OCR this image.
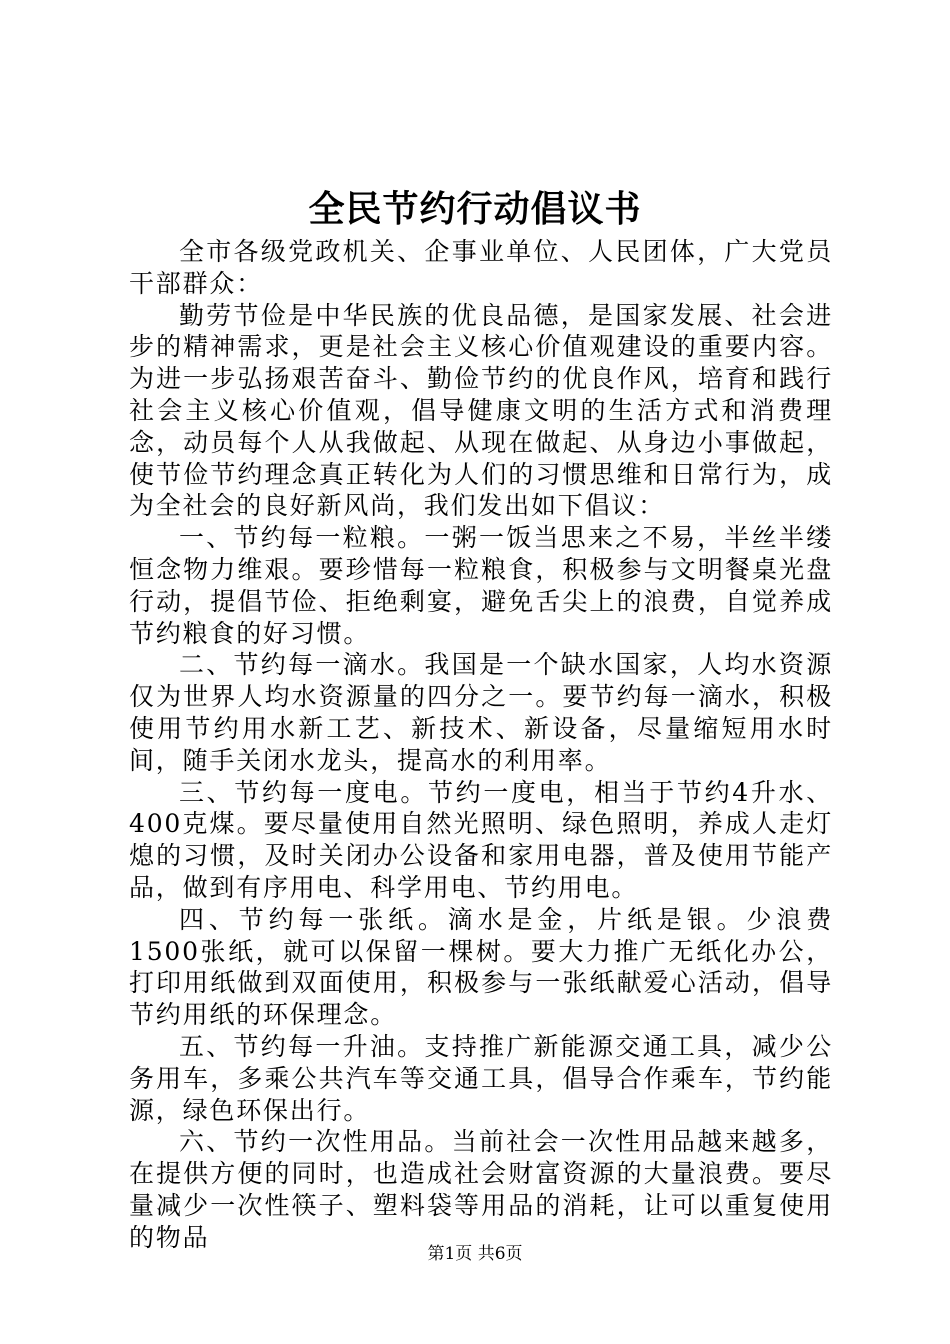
全民节约行动倡议书

全市各级党政机关、企事业单位、人民团体，广大党员干部群众：

勤劳节俭是中华民族的优良品德，是国家发展、社会进步的精神需求，更是社会主义核心价值观建设的重要内容。为进一步弘扬艰苦奋斗、勤俭节约的优良作风，培育和践行社会主义核心价值观，倡导健康文明的生活方式和消费理念，动员每个人从我做起、从现在做起、从身边小事做起，使节俭节约理念真正转化为人们的习惯思维和日常行为，成为全社会的良好新风尚，我们发出如下倡议：

一、节约每一粒粮。一粥一饭当思来之不易，半丝半缕恒念物力维艰。要珍惜每一粒粮食，积极参与文明餐桌光盘行动，提倡节俭、拒绝剩宴，避免舌尖上的浪费，自觉养成节约粮食的好习惯。

二、节约每一滴水。我国是一个缺水国家，人均水资源仅为世界人均水资源量的四分之一。要节约每一滴水，积极使用节约用水新工艺、新技术、新设备，尽量缩短用水时间，随手关闭水龙头，提高水的利用率。

三、节约每一度电。节约一度电，相当于节约4升水、400克煤。要尽量使用自然光照明、绿色照明，养成人走灯熄的习惯，及时关闭办公设备和家用电器，普及使用节能产品，做到有序用电、科学用电、节约用电。

四、节约每一张纸。滴水是金，片纸是银。少浪费1500张纸，就可以保留一棵树。要大力推广无纸化办公，打印用纸做到双面使用，积极参与一张纸献爱心活动，倡导节约用纸的环保理念。

五、节约每一升油。支持推广新能源交通工具，减少公务用车，多乘公共汽车等交通工具，倡导合作乘车，节约能源，绿色环保出行。

六、节约一次性用品。当前社会一次性用品越来越多，在提供方便的同时，也造成社会财富资源的大量浪费。要尽量减少一次性筷子、塑料袋等用品的消耗，让可以重复使用的物品

第1页 共6页
